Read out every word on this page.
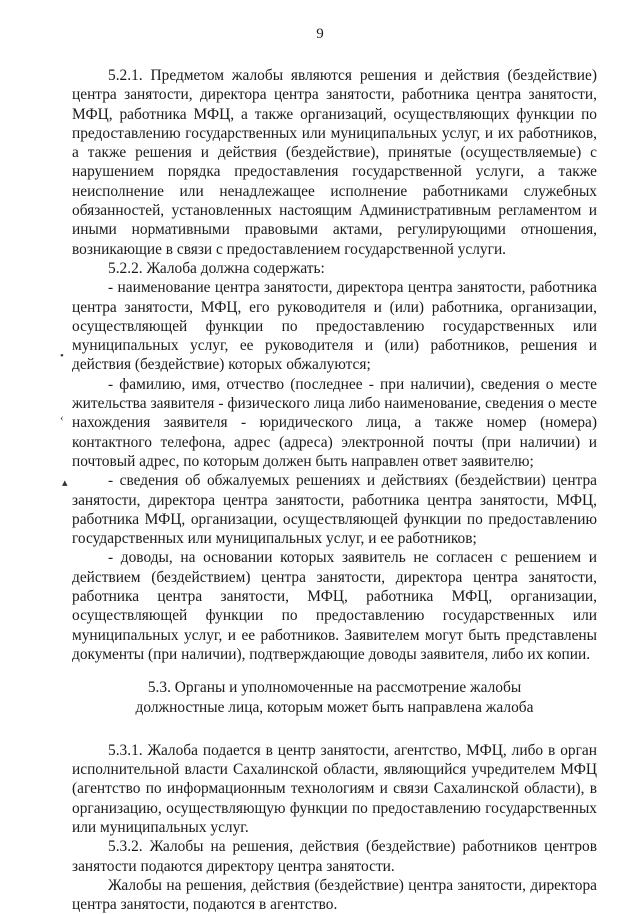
9
•
‹
▴

5.2.1. Предметом жалобы являются решения и действия (бездействие) центра занятости, директора центра занятости, работника центра занятости, МФЦ, работника МФЦ, а также организаций, осуществляющих функции по предоставлению государственных или муниципальных услуг, и их работников, а также решения и действия (бездействие), принятые (осуществляемые) с нарушением порядка предоставления государственной услуги, а также неисполнение или ненадлежащее исполнение работниками служебных обязанностей, установленных настоящим Административным регламентом и иными нормативными правовыми актами, регулирующими отношения, возникающие в связи с предоставлением государственной услуги.

5.2.2. Жалоба должна содержать:

- наименование центра занятости, директора центра занятости, работника центра занятости, МФЦ, его руководителя и (или) работника, организации, осуществляющей функции по предоставлению государственных или муниципальных услуг, ее руководителя и (или) работников, решения и действия (бездействие) которых обжалуются;

- фамилию, имя, отчество (последнее - при наличии), сведения о месте жительства заявителя - физического лица либо наименование, сведения о месте нахождения заявителя - юридического лица, а также номер (номера) контактного телефона, адрес (адреса) электронной почты (при наличии) и почтовый адрес, по которым должен быть направлен ответ заявителю;

- сведения об обжалуемых решениях и действиях (бездействии) центра занятости, директора центра занятости, работника центра занятости, МФЦ, работника МФЦ, организации, осуществляющей функции по предоставлению государственных или муниципальных услуг, и ее работников;

- доводы, на основании которых заявитель не согласен с решением и действием (бездействием) центра занятости, директора центра занятости, работника центра занятости, МФЦ, работника МФЦ, организации, осуществляющей функции по предоставлению государственных или муниципальных услуг, и ее работников. Заявителем могут быть представлены документы (при наличии), подтверждающие доводы заявителя, либо их копии.

5.3. Органы и уполномоченные на рассмотрение жалобы
должностные лица, которым может быть направлена жалоба

5.3.1. Жалоба подается в центр занятости, агентство, МФЦ, либо в орган исполнительной власти Сахалинской области, являющийся учредителем МФЦ (агентство по информационным технологиям и связи Сахалинской области), в организацию, осуществляющую функции по предоставлению государственных или муниципальных услуг.

5.3.2. Жалобы на решения, действия (бездействие) работников центров занятости подаются директору центра занятости.

Жалобы на решения, действия (бездействие) центра занятости, директора центра занятости, подаются в агентство.
